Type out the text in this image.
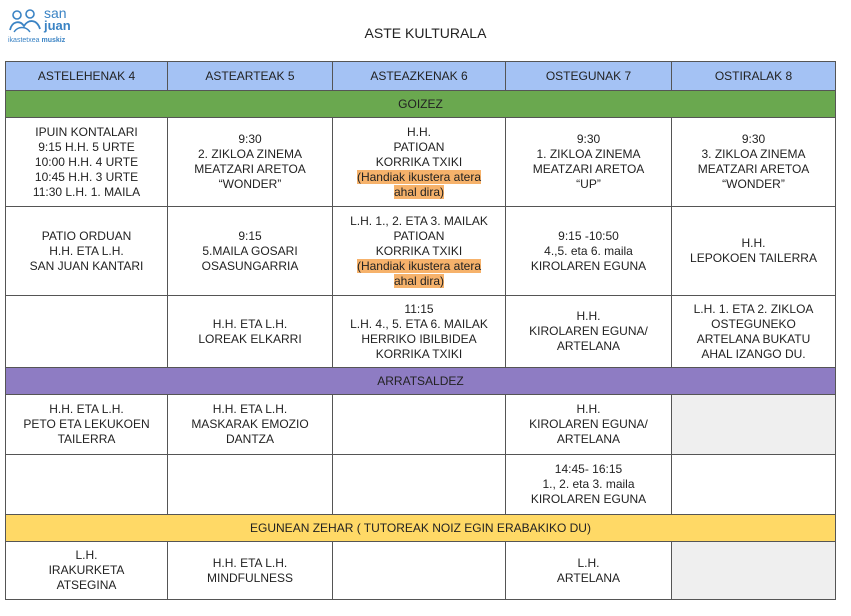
san
juan
ikastetxea muskiz	ASTE KULTURALA
ASTELEHENAK 4	ASTEARTEAK 5	ASTEAZKENAK 6	OSTEGUNAK 7	OSTIRALAK 8
GOIZEZ				

IPUIN KONTALARI
9:15 H.H. 5 URTE
10:00 H.H. 4 URTE
10:45 H.H. 3 URTE
11:30 L.H. 1. MAILA	9:30
2. ZIKLOA ZINEMA
MEATZARI ARETOA
“WONDER”	H.H.
PATIOAN
KORRIKA TXIKI
(Handiak ikustera atera
ahal dira)	9:30
1. ZIKLOA ZINEMA
MEATZARI ARETOA
“UP”	9:30
3. ZIKLOA ZINEMA
MEATZARI ARETOA
“WONDER”

PATIO ORDUAN
H.H. ETA L.H.
SAN JUAN KANTARI	9:15
5.MAILA GOSARI
OSASUNGARRIA	L.H. 1., 2. ETA 3. MAILAK
PATIOAN
KORRIKA TXIKI
(Handiak ikustera atera
ahal dira)	9:15 -10:50
4.,5. eta 6. maila
KIROLAREN EGUNA	H.H.
LEPOKOEN TAILERRA

	H.H. ETA L.H.
LOREAK ELKARRI	11:15
L.H. 4., 5. ETA 6. MAILAK
HERRIKO IBILBIDEA
KORRIKA TXIKI	H.H.
KIROLAREN EGUNA/
ARTELANA	L.H. 1. ETA 2. ZIKLOA
OSTEGUNEKO
ARTELANA BUKATU
AHAL IZANGO DU.

ARRATSALDEZ				

H.H. ETA L.H.
PETO ETA LEKUKOEN
TAILERRA	H.H. ETA L.H.
MASKARAK EMOZIO
DANTZA		H.H.
KIROLAREN EGUNA/
ARTELANA	

			14:45- 16:15
1., 2. eta 3. maila
KIROLAREN EGUNA	

EGUNEAN ZEHAR ( TUTOREAK NOIZ EGIN ERABAKIKO DU)				

L.H.
IRAKURKETA
ATSEGINA	H.H. ETA L.H.
MINDFULNESS		L.H.
ARTELANA	
